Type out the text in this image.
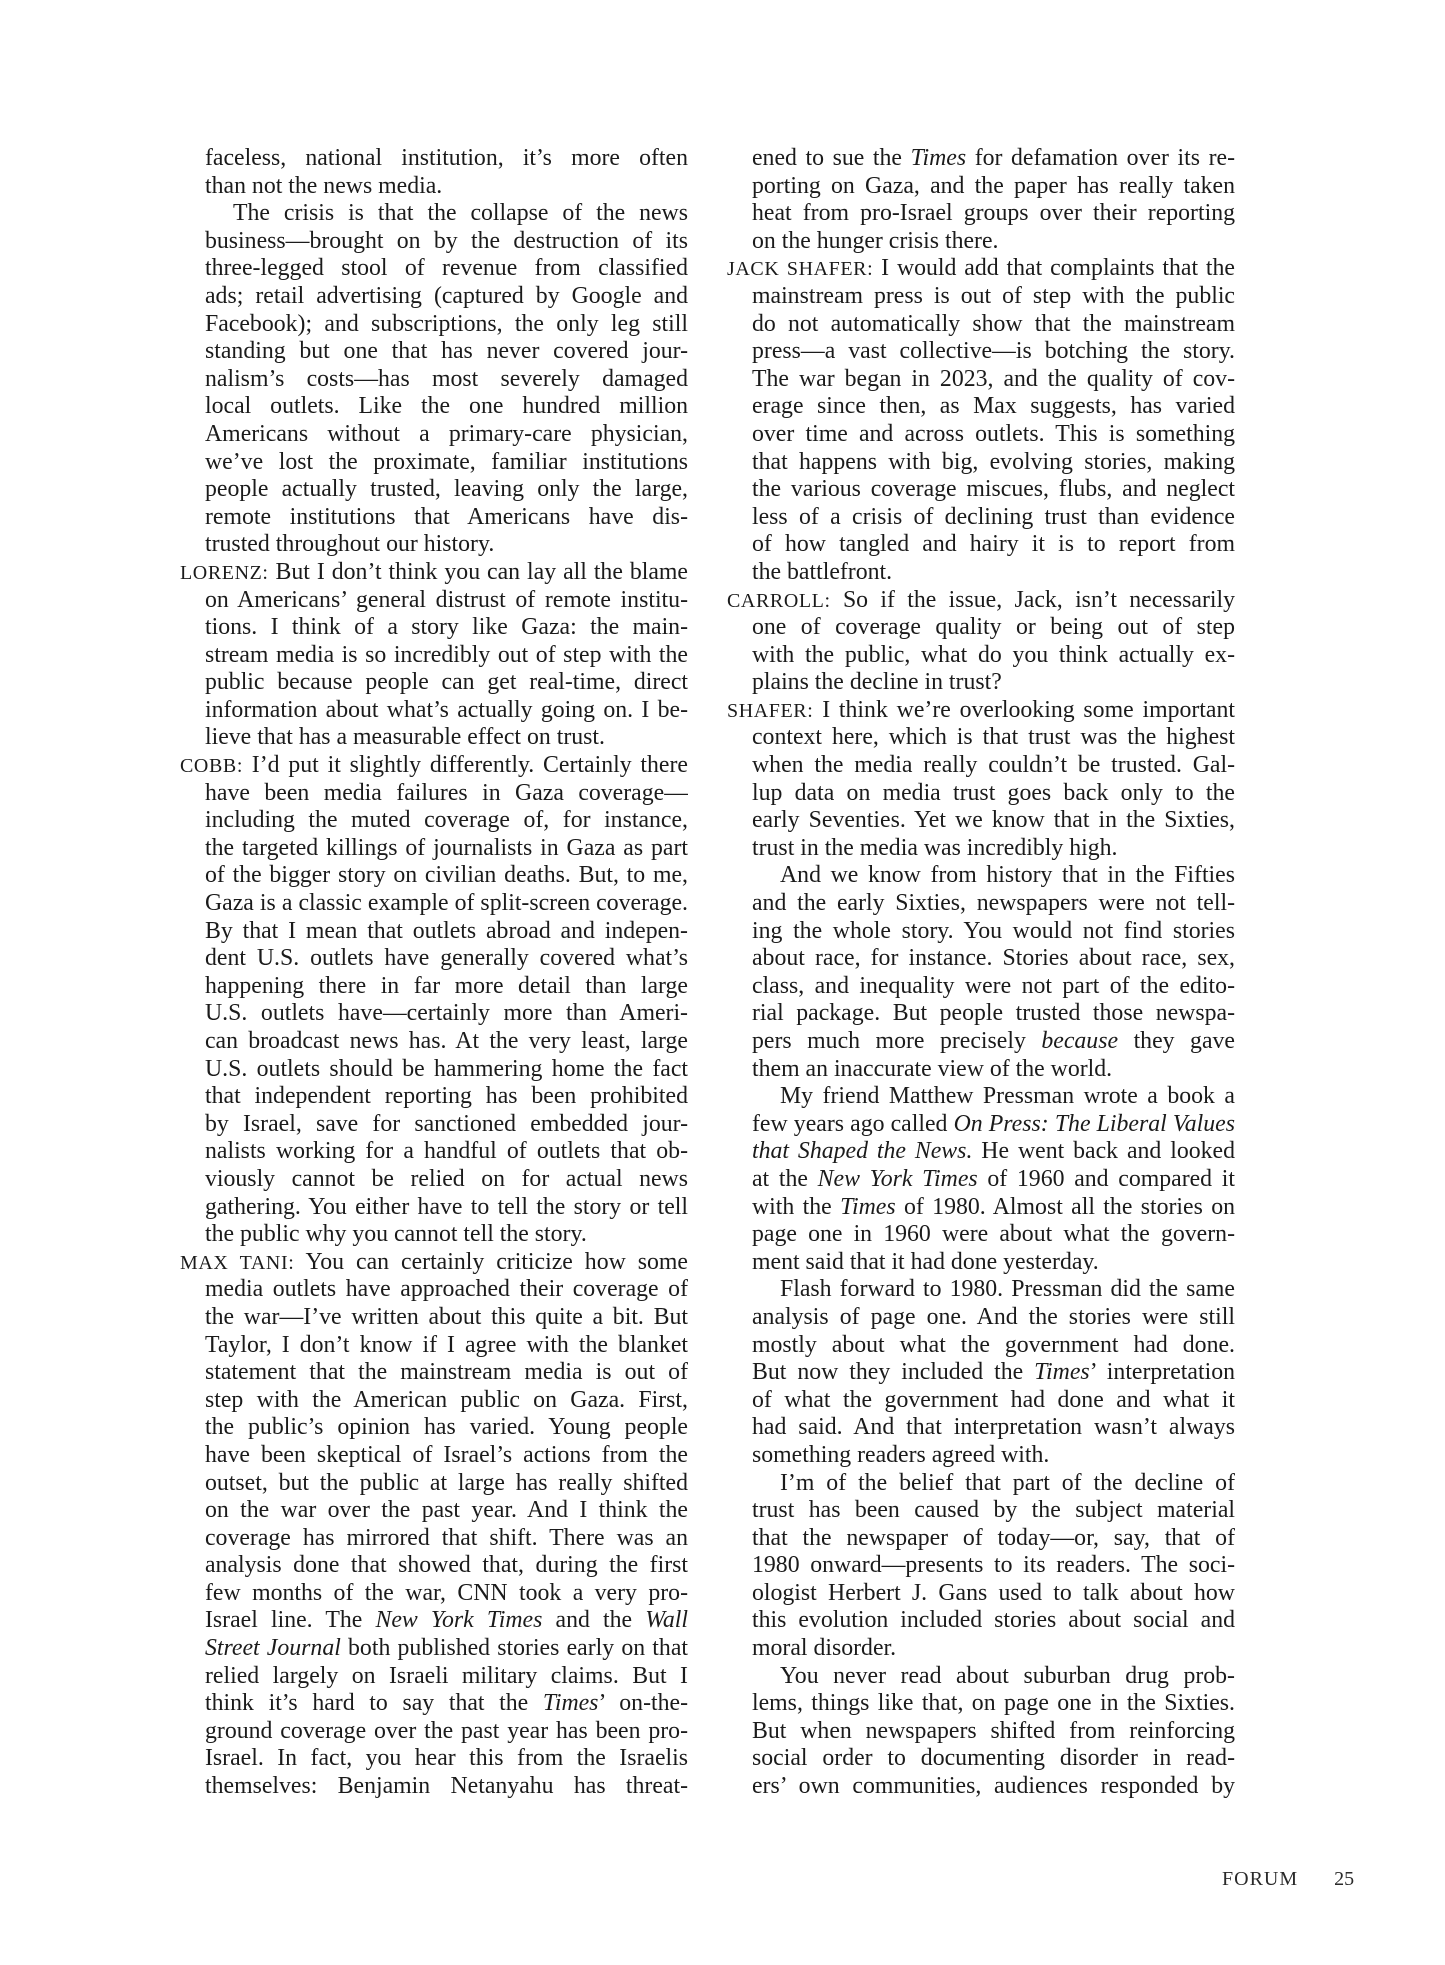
faceless, national institution, it’s more often
than not the news media.
The crisis is that the collapse of the news
business—brought on by the destruction of its
three-legged stool of revenue from classified
ads; retail advertising (captured by Google and
Facebook); and subscriptions, the only leg still
standing but one that has never covered jour-
nalism’s costs—has most severely damaged
local outlets. Like the one hundred million
Americans without a primary-care physician,
we’ve lost the proximate, familiar institutions
people actually trusted, leaving only the large,
remote institutions that Americans have dis-
trusted throughout our history.
LORENZ: But I don’t think you can lay all the blame
on Americans’ general distrust of remote institu-
tions. I think of a story like Gaza: the main-
stream media is so incredibly out of step with the
public because people can get real-time, direct
information about what’s actually going on. I be-
lieve that has a measurable effect on trust.
COBB: I’d put it slightly differently. Certainly there
have been media failures in Gaza coverage—
including the muted coverage of, for instance,
the targeted killings of journalists in Gaza as part
of the bigger story on civilian deaths. But, to me,
Gaza is a classic example of split-screen coverage.
By that I mean that outlets abroad and indepen-
dent U.S. outlets have generally covered what’s
happening there in far more detail than large
U.S. outlets have—certainly more than Ameri-
can broadcast news has. At the very least, large
U.S. outlets should be hammering home the fact
that independent reporting has been prohibited
by Israel, save for sanctioned embedded jour-
nalists working for a handful of outlets that ob-
viously cannot be relied on for actual news
gathering. You either have to tell the story or tell
the public why you cannot tell the story.
MAX TANI: You can certainly criticize how some
media outlets have approached their coverage of
the war—I’ve written about this quite a bit. But
Taylor, I don’t know if I agree with the blanket
statement that the mainstream media is out of
step with the American public on Gaza. First,
the public’s opinion has varied. Young people
have been skeptical of Israel’s actions from the
outset, but the public at large has really shifted
on the war over the past year. And I think the
coverage has mirrored that shift. There was an
analysis done that showed that, during the first
few months of the war, CNN took a very pro-
Israel line. The New York Times and the Wall
Street Journal both published stories early on that
relied largely on Israeli military claims. But I
think it’s hard to say that the Times’ on-the-
ground coverage over the past year has been pro-
Israel. In fact, you hear this from the Israelis
themselves: Benjamin Netanyahu has threat-
ened to sue the Times for defamation over its re-
porting on Gaza, and the paper has really taken
heat from pro-Israel groups over their reporting
on the hunger crisis there.
JACK SHAFER: I would add that complaints that the
mainstream press is out of step with the public
do not automatically show that the mainstream
press—a vast collective—is botching the story.
The war began in 2023, and the quality of cov-
erage since then, as Max suggests, has varied
over time and across outlets. This is something
that happens with big, evolving stories, making
the various coverage miscues, flubs, and neglect
less of a crisis of declining trust than evidence
of how tangled and hairy it is to report from
the battlefront.
CARROLL: So if the issue, Jack, isn’t necessarily
one of coverage quality or being out of step
with the public, what do you think actually ex-
plains the decline in trust?
SHAFER: I think we’re overlooking some important
context here, which is that trust was the highest
when the media really couldn’t be trusted. Gal-
lup data on media trust goes back only to the
early Seventies. Yet we know that in the Sixties,
trust in the media was incredibly high.
And we know from history that in the Fifties
and the early Sixties, newspapers were not tell-
ing the whole story. You would not find stories
about race, for instance. Stories about race, sex,
class, and inequality were not part of the edito-
rial package. But people trusted those newspa-
pers much more precisely because they gave
them an inaccurate view of the world.
My friend Matthew Pressman wrote a book a
few years ago called On Press: The Liberal Values
that Shaped the News. He went back and looked
at the New York Times of 1960 and compared it
with the Times of 1980. Almost all the stories on
page one in 1960 were about what the govern-
ment said that it had done yesterday.
Flash forward to 1980. Pressman did the same
analysis of page one. And the stories were still
mostly about what the government had done.
But now they included the Times’ interpretation
of what the government had done and what it
had said. And that interpretation wasn’t always
something readers agreed with.
I’m of the belief that part of the decline of
trust has been caused by the subject material
that the newspaper of today—or, say, that of
1980 onward—presents to its readers. The soci-
ologist Herbert J. Gans used to talk about how
this evolution included stories about social and
moral disorder.
You never read about suburban drug prob-
lems, things like that, on page one in the Sixties.
But when newspapers shifted from reinforcing
social order to documenting disorder in read-
ers’ own communities, audiences responded by
FORUM 25
